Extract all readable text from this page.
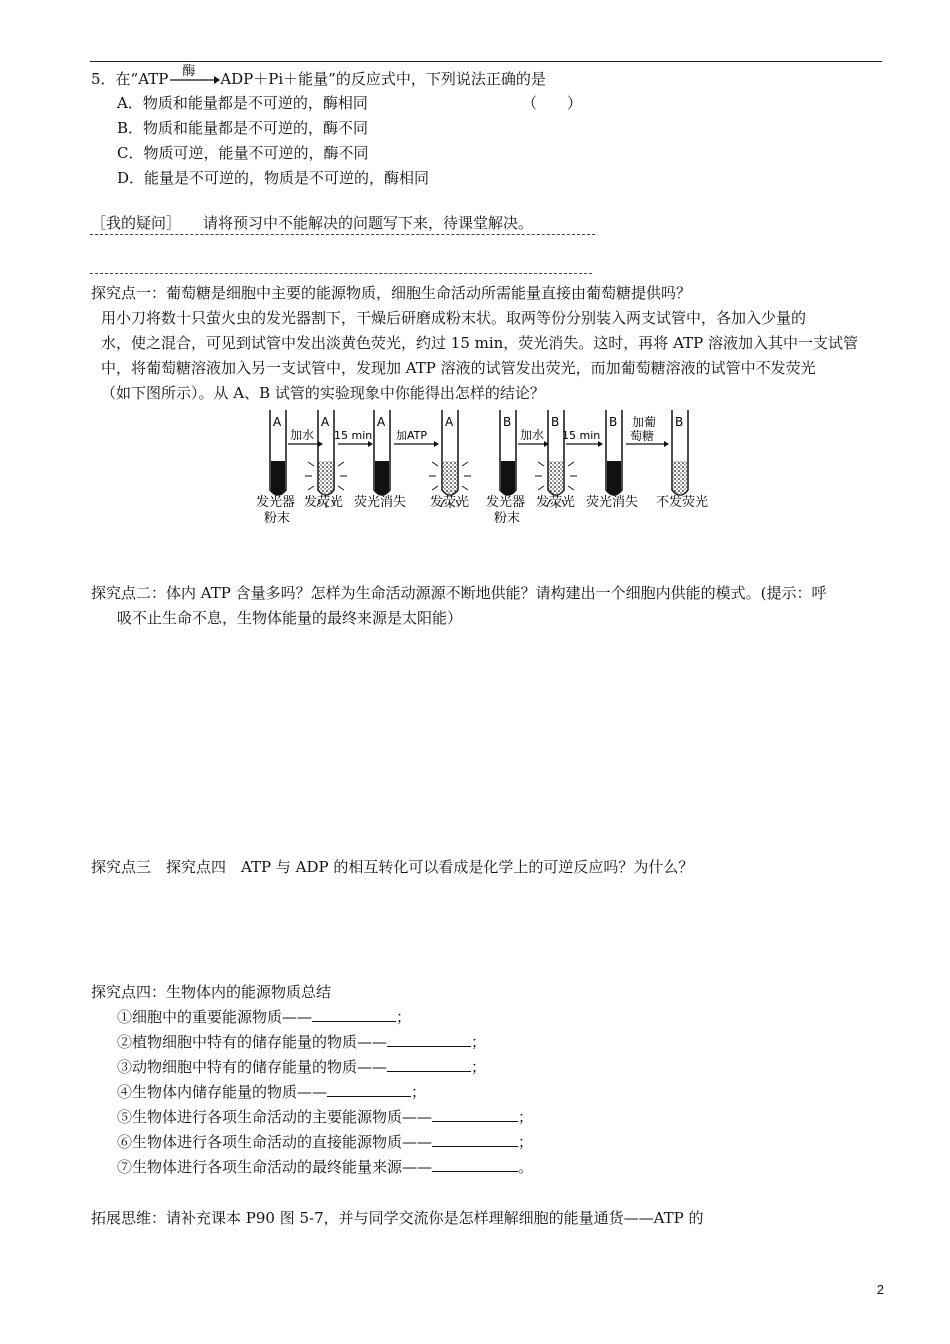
5．在“ATP 酶 ADP＋Pi＋能量”的反应式中，下列说法正确的是
A．物质和能量都是不可逆的，酶相同	（　　）
B．物质和能量都是不可逆的，酶不同
C．物质可逆，能量不可逆的，酶不同
D．能量是不可逆的，物质是不可逆的，酶相同
［我的疑问］ 请将预习中不能解决的问题写下来，待课堂解决。
探究点一：葡萄糖是细胞中主要的能源物质，细胞生命活动所需能量直接由葡萄糖提供吗？
用小刀将数十只萤火虫的发光器割下，干燥后研磨成粉末状。取两等份分别装入两支试管中，各加入少量的
水，使之混合，可见到试管中发出淡黄色荧光，约过 15 min，荧光消失。这时，再将 ATP 溶液加入其中一支试管
中，将葡萄糖溶液加入另一支试管中，发现加 ATP 溶液的试管发出荧光，而加葡萄糖溶液的试管中不发荧光
（如下图所示）。从 A、B 试管的实验现象中你能得出怎样的结论？
A
加水
A
15 min
A
加ATP
A	B
加水
B
15 min
B 加葡
萄糖
B
发光器
粉末
发荧光 荧光消失 发荧光 发光器
粉末
发荧光 荧光消失 不发荧光
探究点二：体内 ATP 含量多吗？怎样为生命活动源源不断地供能？请构建出一个细胞内供能的模式。(提示：呼
吸不止生命不息，生物体能量的最终来源是太阳能）
探究点三　探究点四　ATP 与 ADP 的相互转化可以看成是化学上的可逆反应吗？为什么？
探究点四：生物体内的能源物质总结
①细胞中的重要能源物质——	；
②植物细胞中特有的储存能量的物质——	；
③动物细胞中特有的储存能量的物质——	；
④生物体内储存能量的物质——	；
⑤生物体进行各项生命活动的主要能源物质——	；
⑥生物体进行各项生命活动的直接能源物质——	；
⑦生物体进行各项生命活动的最终能量来源——	。
拓展思维：请补充课本 P90 图 5-7，并与同学交流你是怎样理解细胞的能量通货——ATP 的
2
